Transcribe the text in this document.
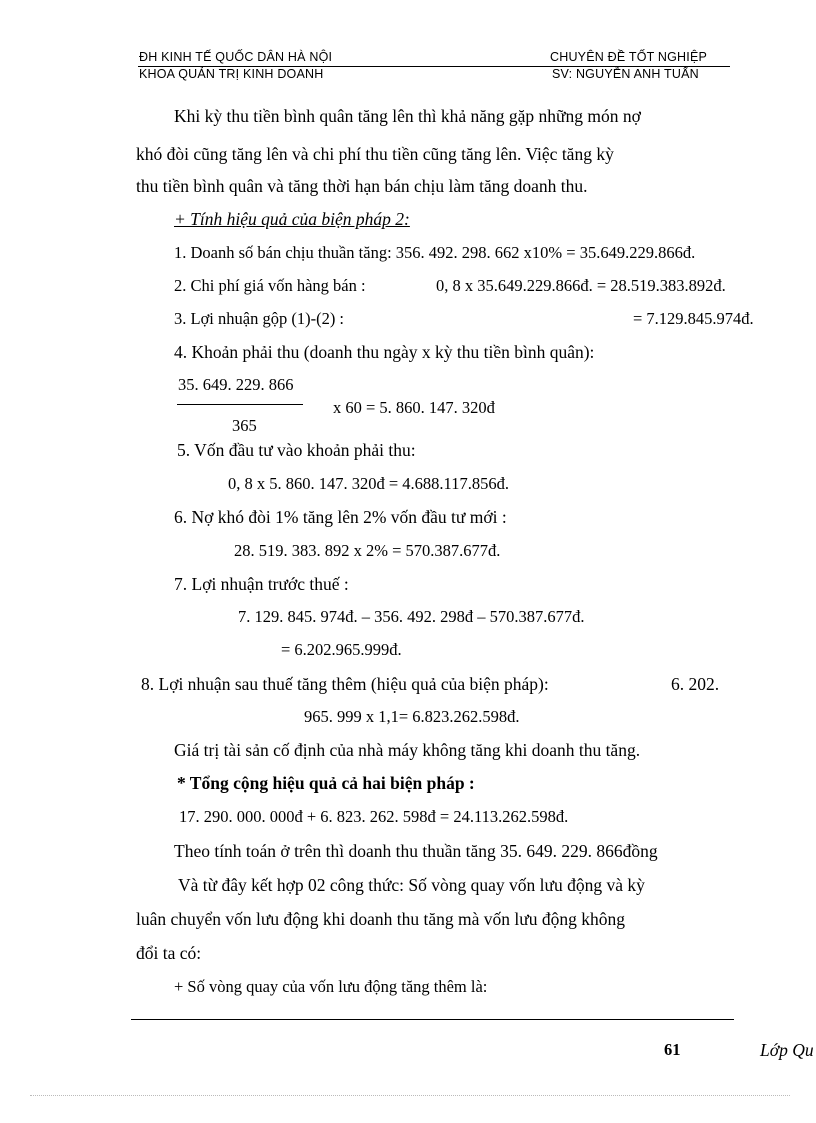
ĐH KINH TẾ QUỐC DÂN HÀ NỘI
KHOA QUẢN TRỊ KINH DOANH
CHUYÊN ĐỀ TỐT NGHIỆP
SV: NGUYỄN ANH TUẤN
Khi kỳ thu tiền bình quân tăng lên thì khả năng gặp những món nợ
khó đòi cũng tăng lên và chi phí thu tiền cũng tăng lên. Việc tăng kỳ
thu tiền bình quân và tăng thời hạn bán chịu làm tăng doanh thu.
+ Tính hiệu quả của biện pháp 2:
1. Doanh số bán chịu thuần tăng: 356. 492. 298. 662 x10% = 35.649.229.866đ.
2. Chi phí giá vốn hàng bán :	0, 8 x 35.649.229.866đ. = 28.519.383.892đ.
3. Lợi nhuận gộp (1)-(2) :	= 7.129.845.974đ.
4. Khoản phải thu (doanh thu ngày x kỳ thu tiền bình quân):
35. 649. 229. 866
x 60 = 5. 860. 147. 320đ
365
5. Vốn đầu tư vào khoản phải thu:
0, 8 x 5. 860. 147. 320đ = 4.688.117.856đ.
6. Nợ khó đòi 1% tăng lên 2% vốn đầu tư mới :
28. 519. 383. 892 x 2% = 570.387.677đ.
7. Lợi nhuận trước thuế :
7. 129. 845. 974đ. – 356. 492. 298đ – 570.387.677đ.
= 6.202.965.999đ.
8. Lợi nhuận sau thuế tăng thêm (hiệu quả của biện pháp):	6. 202.
965. 999 x 1,1= 6.823.262.598đ.
Giá trị tài sản cố định của nhà máy không tăng khi doanh thu tăng.
* Tổng cộng hiệu quả cả hai biện pháp :
17. 290. 000. 000đ + 6. 823. 262. 598đ = 24.113.262.598đ.
Theo tính toán ở trên thì doanh thu thuần tăng 35. 649. 229. 866đồng
Và từ đây kết hợp 02 công thức: Số vòng quay vốn lưu động và kỳ
luân chuyển vốn lưu động khi doanh thu tăng mà vốn lưu động không
đổi ta có:
+ Số vòng quay của vốn lưu động tăng thêm là:
61	Lớp Qu
